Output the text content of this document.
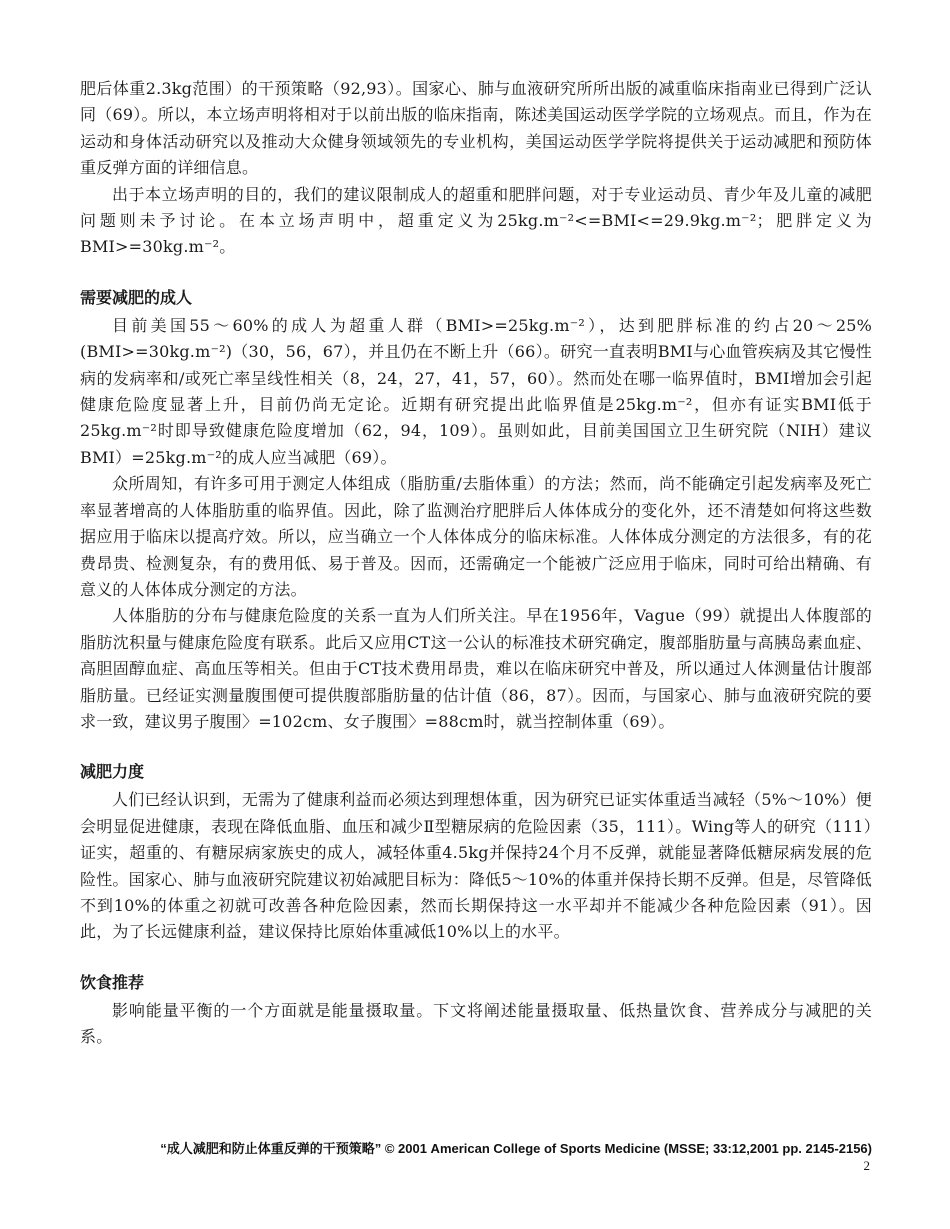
肥后体重2.3kg范围）的干预策略（92,93）。国家心、肺与血液研究所所出版的减重临床指南业已得到广泛认同（69）。所以，本立场声明将相对于以前出版的临床指南，陈述美国运动医学学院的立场观点。而且，作为在运动和身体活动研究以及推动大众健身领域领先的专业机构，美国运动医学学院将提供关于运动减肥和预防体重反弹方面的详细信息。

出于本立场声明的目的，我们的建议限制成人的超重和肥胖问题，对于专业运动员、青少年及儿童的减肥问题则未予讨论。在本立场声明中，超重定义为25kg.m⁻²<=BMI<=29.9kg.m⁻²；肥胖定义为BMI>=30kg.m⁻²。

需要减肥的成人

目前美国55～60%的成人为超重人群（BMI>=25kg.m⁻²），达到肥胖标准的约占20～25%(BMI>=30kg.m⁻²)（30，56，67），并且仍在不断上升（66）。研究一直表明BMI与心血管疾病及其它慢性病的发病率和/或死亡率呈线性相关（8，24，27，41，57，60）。然而处在哪一临界值时，BMI增加会引起健康危险度显著上升，目前仍尚无定论。近期有研究提出此临界值是25kg.m⁻²，但亦有证实BMI低于25kg.m⁻²时即导致健康危险度增加（62，94，109）。虽则如此，目前美国国立卫生研究院（NIH）建议BMI）=25kg.m⁻²的成人应当减肥（69）。

众所周知，有许多可用于测定人体组成（脂肪重/去脂体重）的方法；然而，尚不能确定引起发病率及死亡率显著增高的人体脂肪重的临界值。因此，除了监测治疗肥胖后人体体成分的变化外，还不清楚如何将这些数据应用于临床以提高疗效。所以，应当确立一个人体体成分的临床标准。人体体成分测定的方法很多，有的花费昂贵、检测复杂，有的费用低、易于普及。因而，还需确定一个能被广泛应用于临床，同时可给出精确、有意义的人体体成分测定的方法。

人体脂肪的分布与健康危险度的关系一直为人们所关注。早在1956年，Vague（99）就提出人体腹部的脂肪沈积量与健康危险度有联系。此后又应用CT这一公认的标准技术研究确定，腹部脂肪量与高胰岛素血症、高胆固醇血症、高血压等相关。但由于CT技术费用昂贵，难以在临床研究中普及，所以通过人体测量估计腹部脂肪量。已经证实测量腹围便可提供腹部脂肪量的估计值（86，87）。因而，与国家心、肺与血液研究院的要求一致，建议男子腹围〉=102cm、女子腹围〉=88cm时，就当控制体重（69）。

减肥力度

人们已经认识到，无需为了健康利益而必须达到理想体重，因为研究已证实体重适当减轻（5%～10%）便会明显促进健康，表现在降低血脂、血压和减少Ⅱ型糖尿病的危险因素（35，111）。Wing等人的研究（111）证实，超重的、有糖尿病家族史的成人，减轻体重4.5kg并保持24个月不反弹，就能显著降低糖尿病发展的危险性。国家心、肺与血液研究院建议初始减肥目标为：降低5～10%的体重并保持长期不反弹。但是，尽管降低不到10%的体重之初就可改善各种危险因素，然而长期保持这一水平却并不能减少各种危险因素（91）。因此，为了长远健康利益，建议保持比原始体重减低10%以上的水平。

饮食推荐

影响能量平衡的一个方面就是能量摄取量。下文将阐述能量摄取量、低热量饮食、营养成分与减肥的关系。

“成人减肥和防止体重反弹的干预策略” © 2001 American College of Sports Medicine (MSSE; 33:12,2001 pp. 2145-2156)
2
